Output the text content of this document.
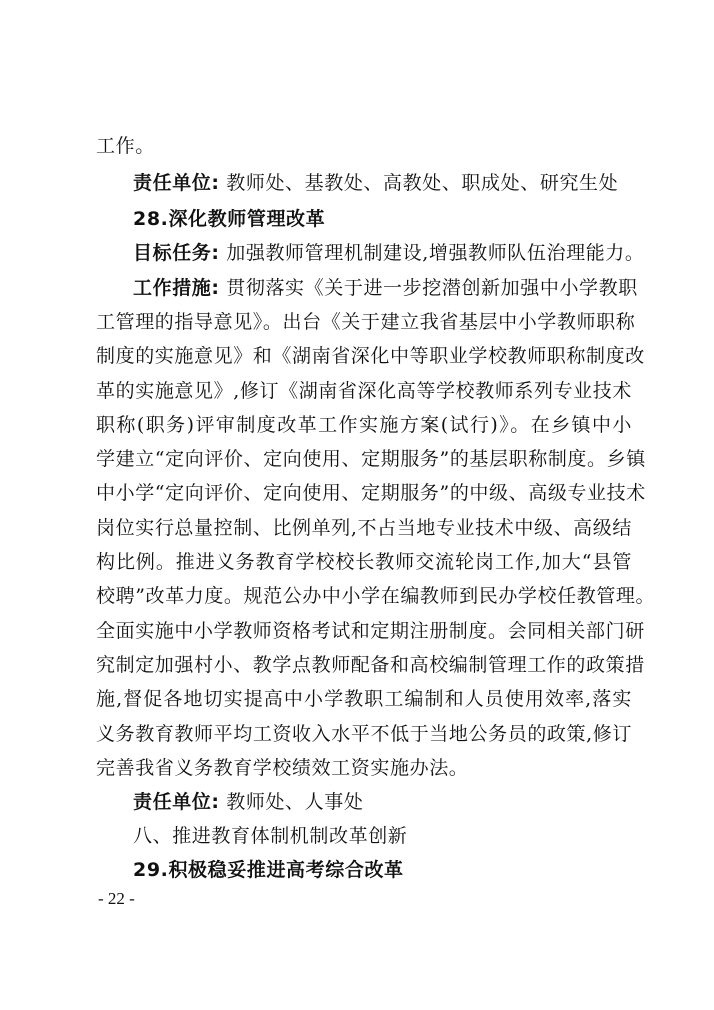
工作。
责任单位: 教师处、基教处、高教处、职成处、研究生处
28.深化教师管理改革
目标任务: 加强教师管理机制建设,增强教师队伍治理能力。
工作措施: 贯彻落实《关于进一步挖潜创新加强中小学教职
工管理的指导意见》。出台《关于建立我省基层中小学教师职称
制度的实施意见》和《湖南省深化中等职业学校教师职称制度改
革的实施意见》,修订《湖南省深化高等学校教师系列专业技术
职称(职务)评审制度改革工作实施方案(试行)》。在乡镇中小
学建立“定向评价、定向使用、定期服务”的基层职称制度。乡镇
中小学“定向评价、定向使用、定期服务”的中级、高级专业技术
岗位实行总量控制、比例单列,不占当地专业技术中级、高级结
构比例。推进义务教育学校校长教师交流轮岗工作,加大“县管
校聘”改革力度。规范公办中小学在编教师到民办学校任教管理。
全面实施中小学教师资格考试和定期注册制度。会同相关部门研
究制定加强村小、教学点教师配备和高校编制管理工作的政策措
施,督促各地切实提高中小学教职工编制和人员使用效率,落实
义务教育教师平均工资收入水平不低于当地公务员的政策,修订
完善我省义务教育学校绩效工资实施办法。
责任单位: 教师处、人事处
八、推进教育体制机制改革创新
29.积极稳妥推进高考综合改革
- 22 -
